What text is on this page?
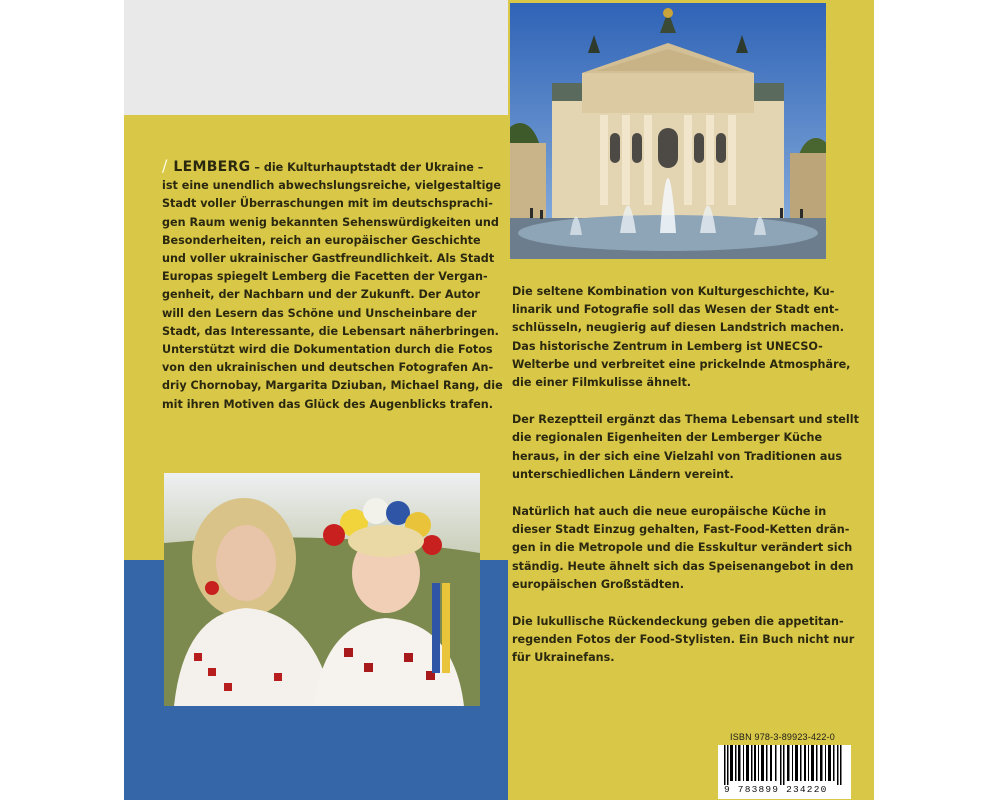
/ LEMBERG – die Kulturhauptstadt der Ukraine –
ist eine unendlich abwechslungsreiche, vielgestaltige
Stadt voller Überraschungen mit im deutschsprachi-
gen Raum wenig bekannten Sehenswürdigkeiten und
Besonderheiten, reich an europäischer Geschichte
und voller ukrainischer Gastfreundlichkeit. Als Stadt
Europas spiegelt Lemberg die Facetten der Vergan-
genheit, der Nachbarn und der Zukunft. Der Autor
will den Lesern das Schöne und Unscheinbare der
Stadt, das Interessante, die Lebensart näherbringen.
Unterstützt wird die Dokumentation durch die Fotos
von den ukrainischen und deutschen Fotografen An-
driy Chornobay, Margarita Dziuban, Michael Rang, die
mit ihren Motiven das Glück des Augenblicks trafen.
Die seltene Kombination von Kulturgeschichte, Ku-
linarik und Fotografie soll das Wesen der Stadt ent-
schlüsseln, neugierig auf diesen Landstrich machen.
Das historische Zentrum in Lemberg ist UNECSO-
Welterbe und verbreitet eine prickelnde Atmosphäre,
die einer Filmkulisse ähnelt.
Der Rezeptteil ergänzt das Thema Lebensart und stellt
die regionalen Eigenheiten der Lemberger Küche
heraus, in der sich eine Vielzahl von Traditionen aus
unterschiedlichen Ländern vereint.
Natürlich hat auch die neue europäische Küche in
dieser Stadt Einzug gehalten, Fast-Food-Ketten drän-
gen in die Metropole und die Esskultur verändert sich
ständig. Heute ähnelt sich das Speisenangebot in den
europäischen Großstädten.
Die lukullische Rückendeckung geben die appetitan-
regenden Fotos der Food-Stylisten. Ein Buch nicht nur
für Ukrainefans.
ISBN 978-3-89923-422-0
9 783899 234220
